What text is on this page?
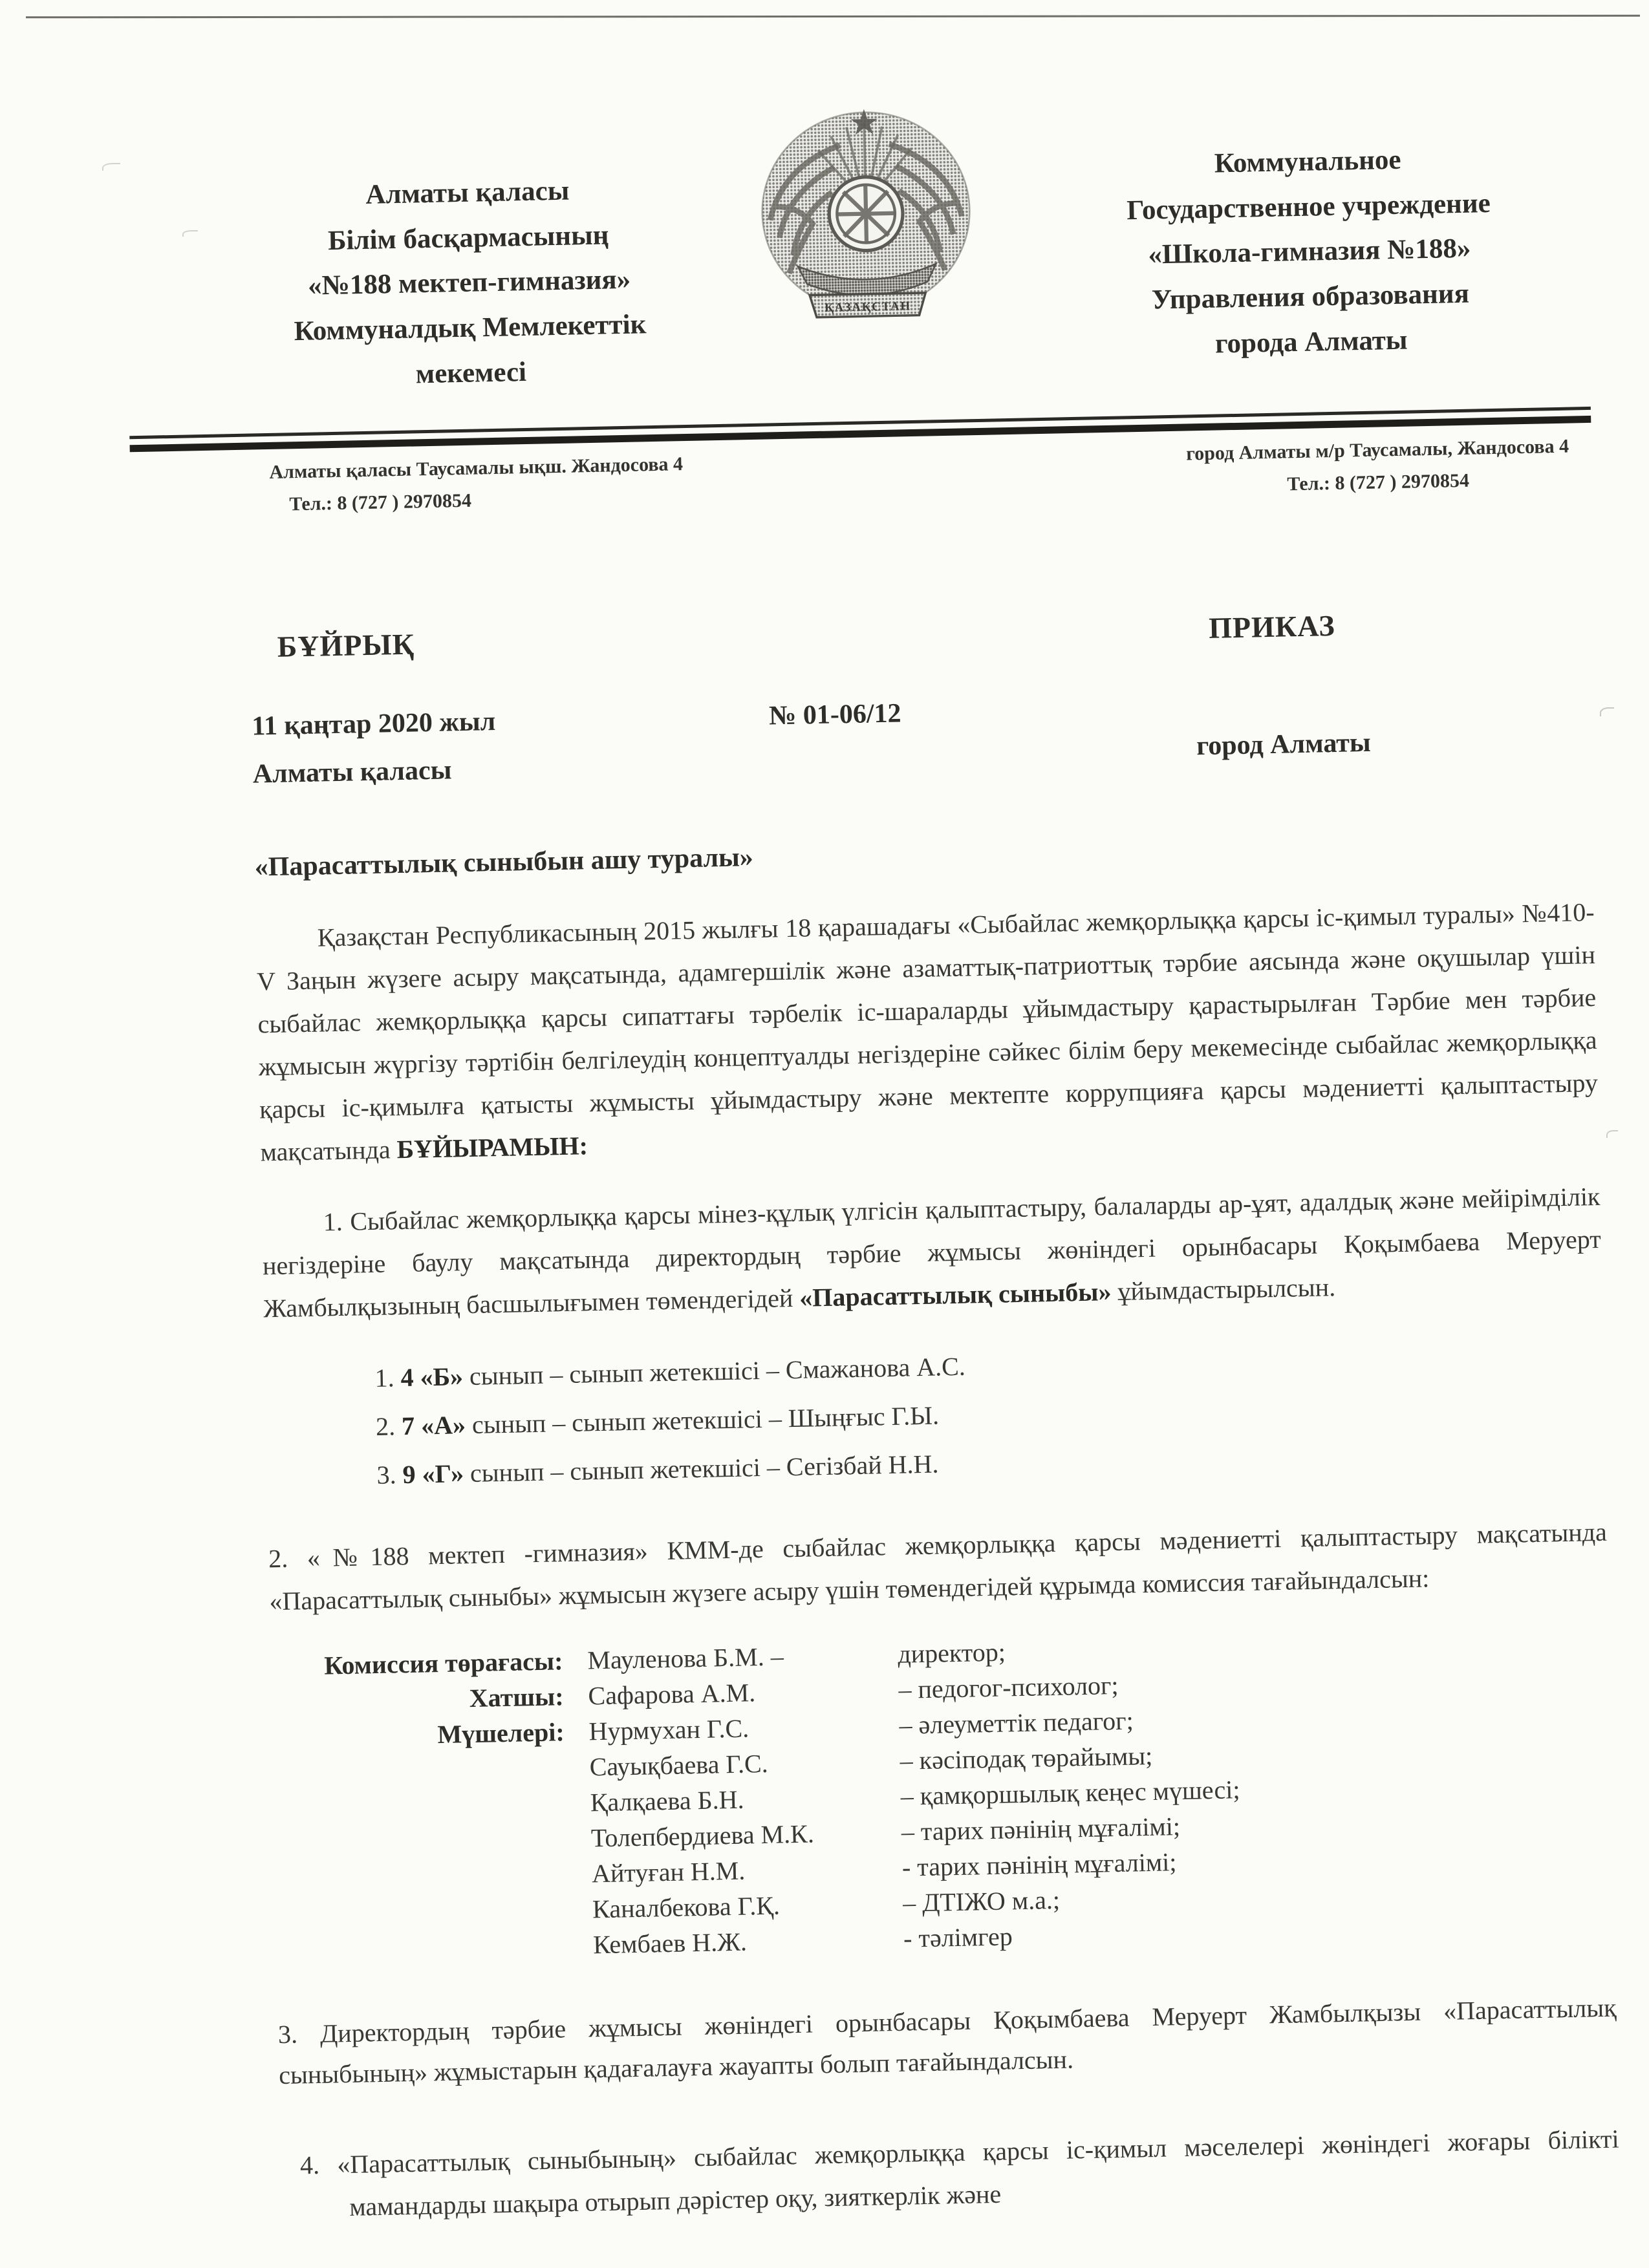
Алматы қаласы
Білім басқармасының
«№188 мектеп-гимназия»
Коммуналдық Мемлекеттік
мекемесі
ҚАЗАҚСТАН
Коммунальное
Государственное учреждение
«Школа-гимназия №188»
Управления образования
города Алматы
Алматы қаласы Таусамалы ықш. Жандосова 4
Тел.: 8 (727 ) 2970854
город Алматы м/р Таусамалы, Жандосова 4
Тел.: 8 (727 ) 2970854
БҰЙРЫҚ
ПРИКАЗ
11 қаңтар 2020 жыл
Алматы қаласы
№ 01-06/12
город Алматы
«Парасаттылық сыныбын ашу туралы»

Қазақстан Республикасының 2015 жылғы 18 қарашадағы «Сыбайлас жемқорлыққа қарсы іс-қимыл туралы» №410-V Заңын жүзеге асыру мақсатында, адамгершілік және азаматтық-патриоттық тәрбие аясында және оқушылар үшін сыбайлас жемқорлыққа қарсы сипаттағы тәрбелік іс-шараларды ұйымдастыру қарастырылған Тәрбие мен тәрбие жұмысын жүргізу тәртібін белгілеудің концептуалды негіздеріне сәйкес білім беру мекемесінде сыбайлас жемқорлыққа қарсы іс-қимылға қатысты жұмысты ұйымдастыру және мектепте коррупцияға қарсы мәдениетті қалыптастыру мақсатында БҰЙЫРАМЫН:

1. Сыбайлас жемқорлыққа қарсы мінез-құлық үлгісін қалыптастыру, балаларды ар-ұят, адалдық және мейірімділік негіздеріне баулу мақсатында директордың тәрбие жұмысы жөніндегі орынбасары Қоқымбаева Меруерт Жамбылқызының басшылығымен төмендегідей «Парасаттылық сыныбы» ұйымдастырылсын.

1. 4 «Б» сынып – сынып жетекшісі – Смажанова А.С.
2. 7 «А» сынып – сынып жетекшісі – Шыңғыс Г.Ы.
3. 9 «Г» сынып – сынып жетекшісі – Сегізбай Н.Н.

2. «№188 мектеп -гимназия» КММ-де сыбайлас жемқорлыққа қарсы мәдениетті қалыптастыру мақсатында «Парасаттылық сыныбы» жұмысын жүзеге асыру үшін төмендегідей құрымда комиссия тағайындалсын:

Комиссия төрағасы: Мауленова Б.М. –	директор;
Хатшы: Сафарова А.М.	– педогог-психолог;
Мүшелері: Нурмухан Г.С.	– әлеуметтік педагог;
Сауықбаева Г.С.	– кәсіподақ төрайымы;
Қалқаева Б.Н.	– қамқоршылық кеңес мүшесі;
Толепбердиева М.К.	– тарих пәнінің мұғалімі;
Айтуған Н.М.	- тарих пәнінің мұғалімі;
Каналбекова Г.Қ.	– ДТІЖО м.а.;
Кембаев Н.Ж.	- тәлімгер

3. Директордың тәрбие жұмысы жөніндегі орынбасары Қоқымбаева Меруерт Жамбылқызы «Парасаттылық сыныбының» жұмыстарын қадағалауға жауапты болып тағайындалсын.

4. «Парасаттылық сыныбының» сыбайлас жемқорлыққа қарсы іс-қимыл мәселелері жөніндегі жоғары білікті мамандарды шақыра отырып дәрістер оқу, зияткерлік және
